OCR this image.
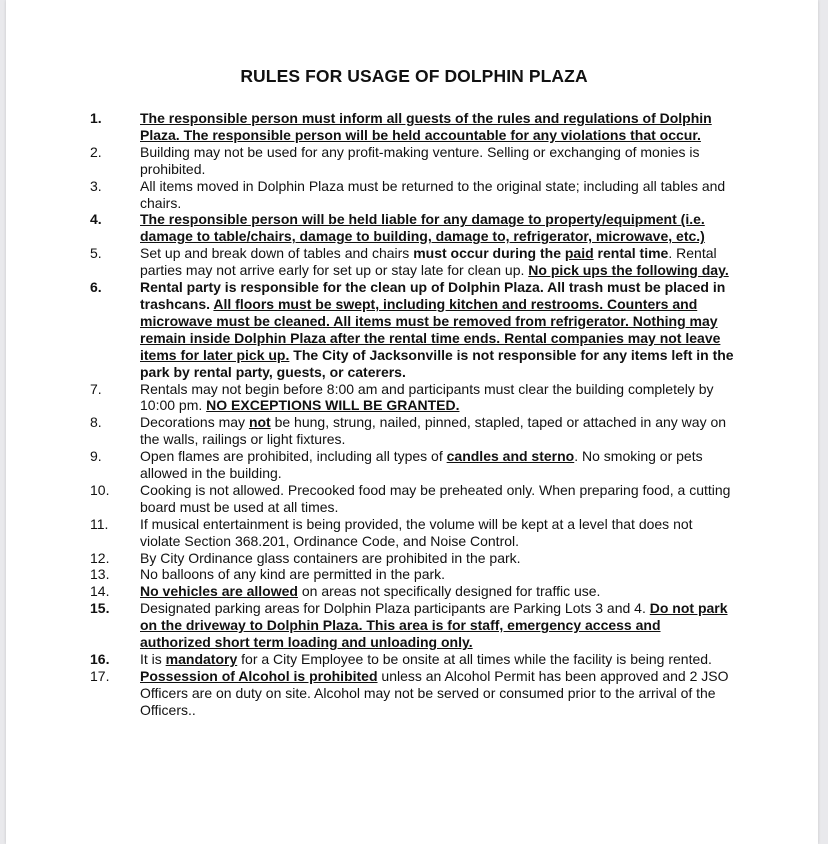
RULES FOR USAGE OF DOLPHIN PLAZA
1.	The responsible person must inform all guests of the rules and regulations of Dolphin Plaza. The responsible person will be held accountable for any violations that occur.
2.	Building may not be used for any profit-making venture. Selling or exchanging of monies is prohibited.
3.	All items moved in Dolphin Plaza must be returned to the original state; including all tables and chairs.
4.	The responsible person will be held liable for any damage to property/equipment (i.e. damage to table/chairs, damage to building, damage to, refrigerator, microwave, etc.)
5.	Set up and break down of tables and chairs must occur during the paid rental time. Rental parties may not arrive early for set up or stay late for clean up. No pick ups the following day.
6.	Rental party is responsible for the clean up of Dolphin Plaza. All trash must be placed in trashcans. All floors must be swept, including kitchen and restrooms. Counters and microwave must be cleaned. All items must be removed from refrigerator. Nothing may remain inside Dolphin Plaza after the rental time ends. Rental companies may not leave items for later pick up. The City of Jacksonville is not responsible for any items left in the park by rental party, guests, or caterers.
7.	Rentals may not begin before 8:00 am and participants must clear the building completely by 10:00 pm. NO EXCEPTIONS WILL BE GRANTED.
8.	Decorations may not be hung, strung, nailed, pinned, stapled, taped or attached in any way on the walls, railings or light fixtures.
9.	Open flames are prohibited, including all types of candles and sterno. No smoking or pets allowed in the building.
10.	Cooking is not allowed. Precooked food may be preheated only. When preparing food, a cutting board must be used at all times.
11.	If musical entertainment is being provided, the volume will be kept at a level that does not violate Section 368.201, Ordinance Code, and Noise Control.
12.	By City Ordinance glass containers are prohibited in the park.
13.	No balloons of any kind are permitted in the park.
14.	No vehicles are allowed on areas not specifically designed for traffic use.
15.	Designated parking areas for Dolphin Plaza participants are Parking Lots 3 and 4. Do not park on the driveway to Dolphin Plaza. This area is for staff, emergency access and authorized short term loading and unloading only.
16.	It is mandatory for a City Employee to be onsite at all times while the facility is being rented.
17.	Possession of Alcohol is prohibited unless an Alcohol Permit has been approved and 2 JSO Officers are on duty on site. Alcohol may not be served or consumed prior to the arrival of the Officers..
